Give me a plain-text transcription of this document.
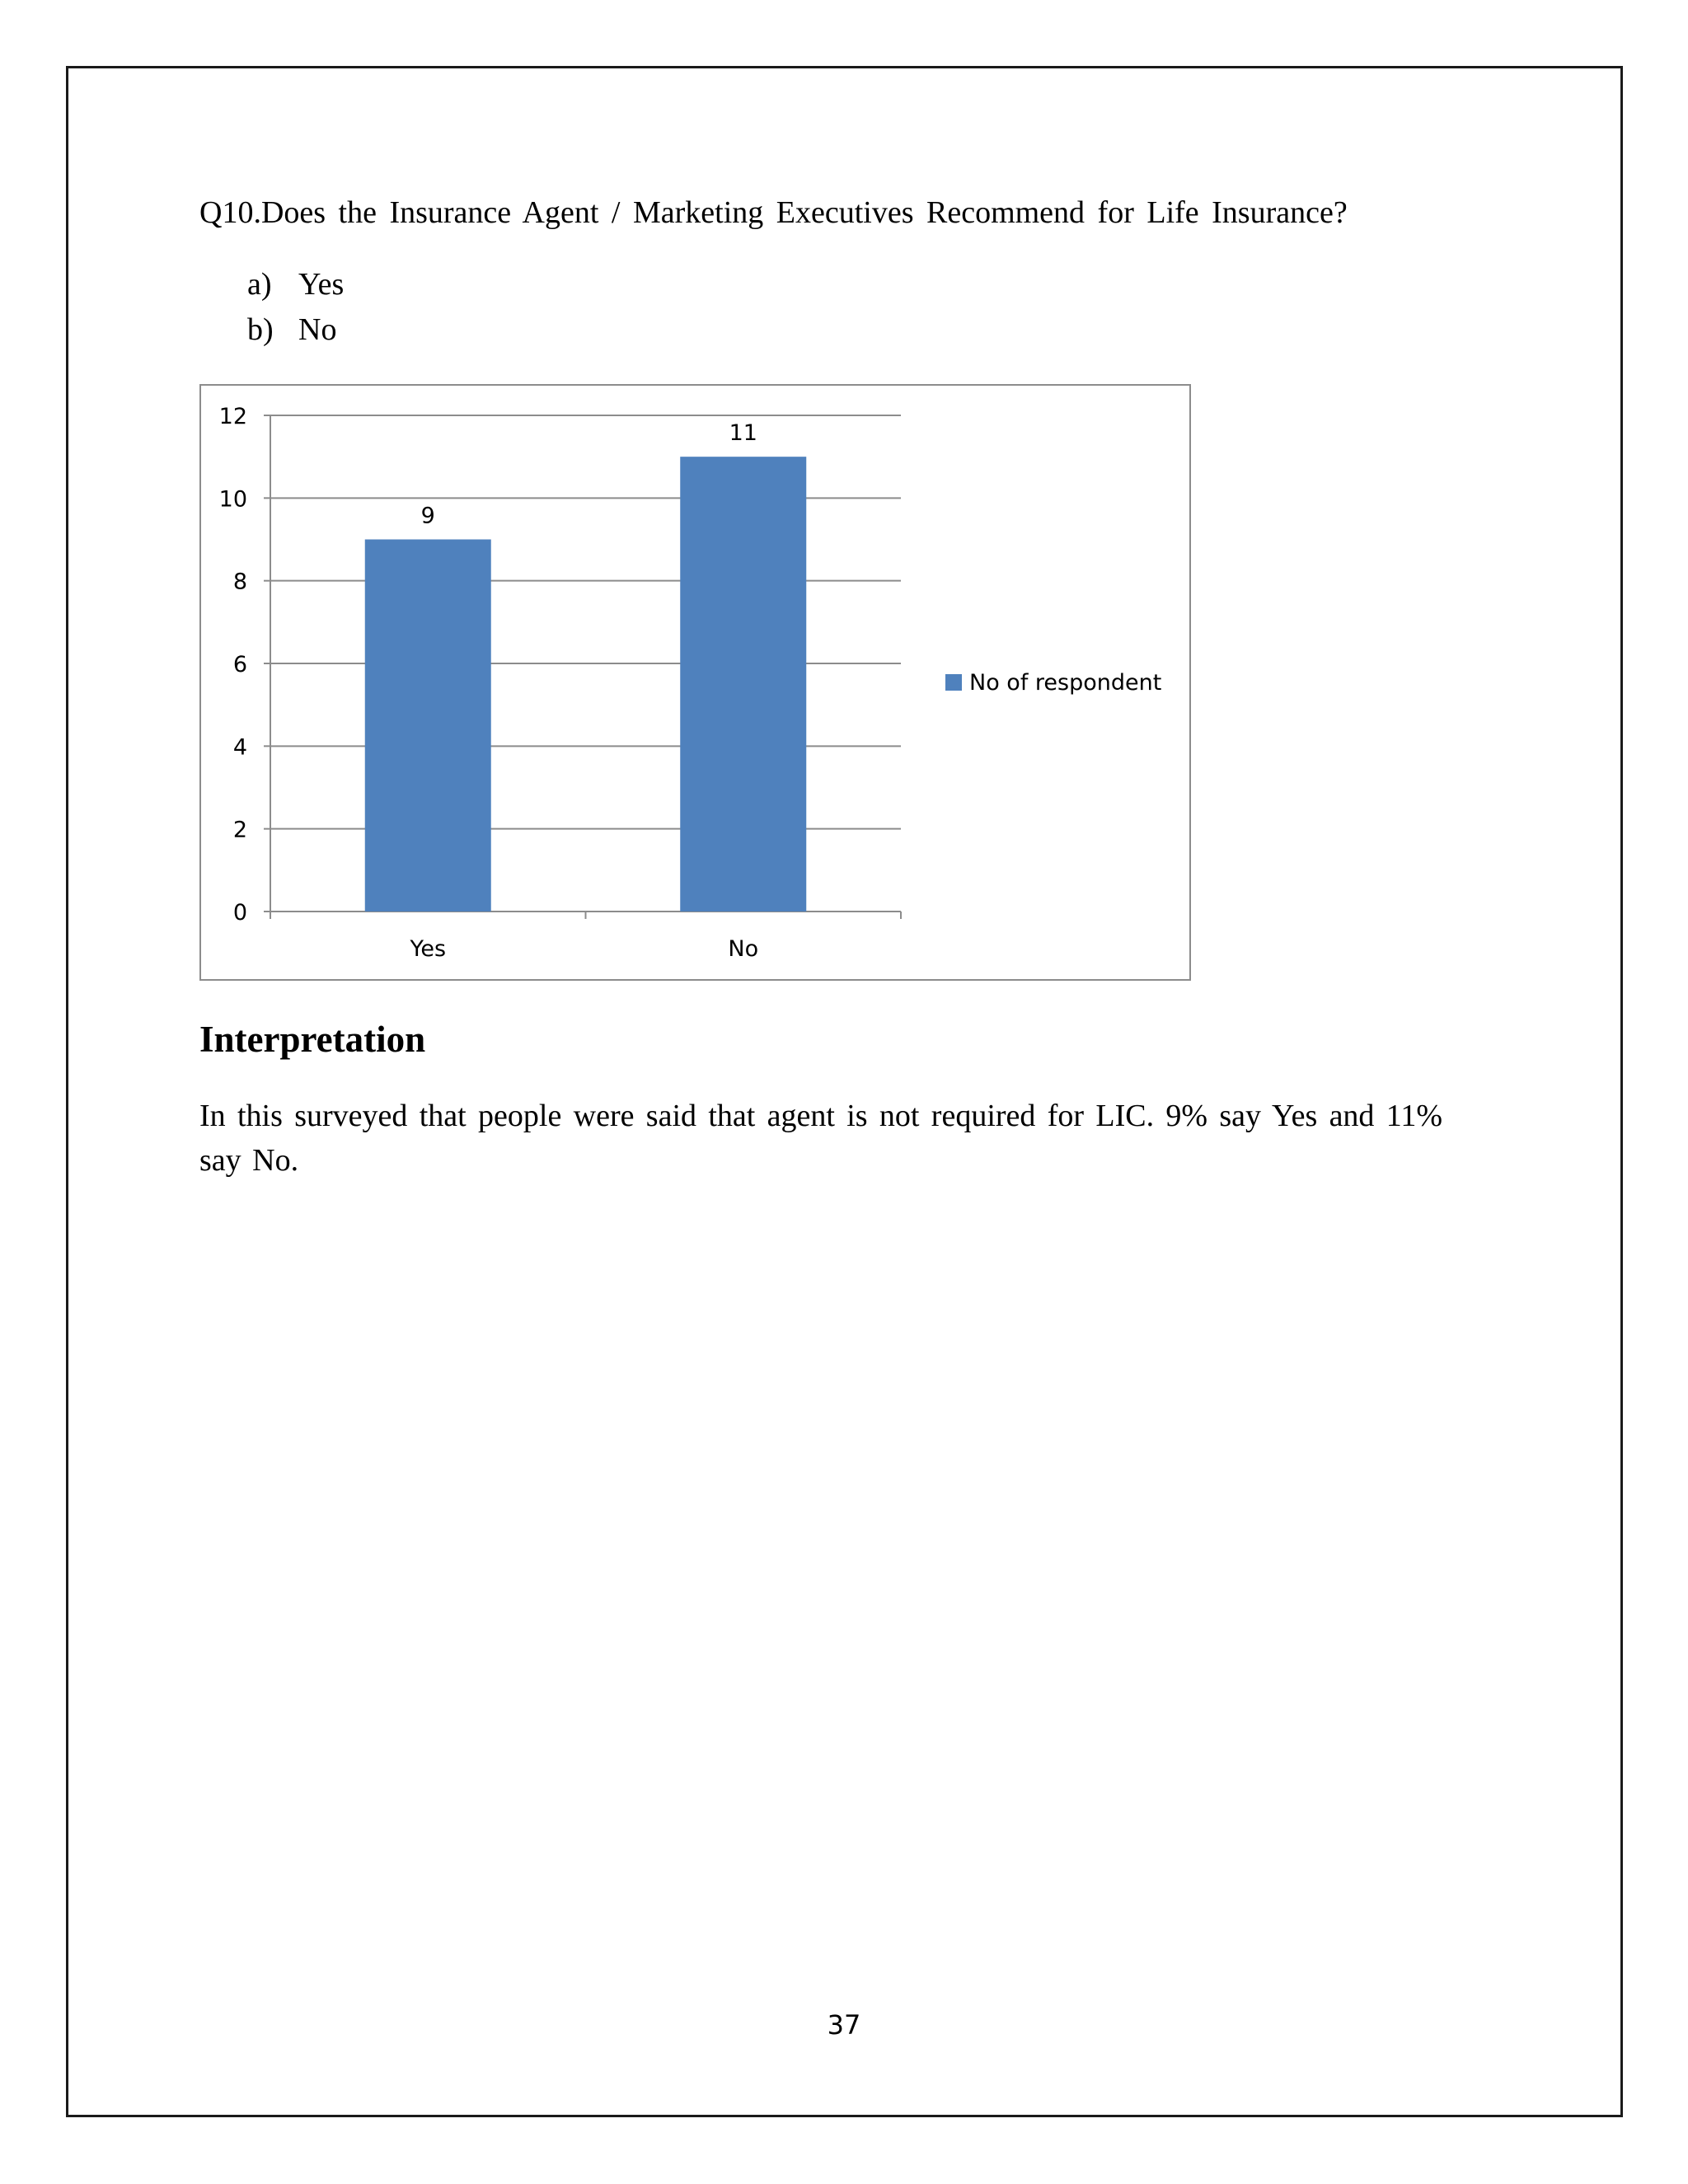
Q10.Does the Insurance Agent / Marketing Executives Recommend for Life Insurance?
a) Yes
b) No
0
2
4
6
8
10
12
9
Yes
11
No
No of respondent
Interpretation
In this surveyed that people were said that agent is not required for LIC. 9% say Yes and 11% say No.
37
